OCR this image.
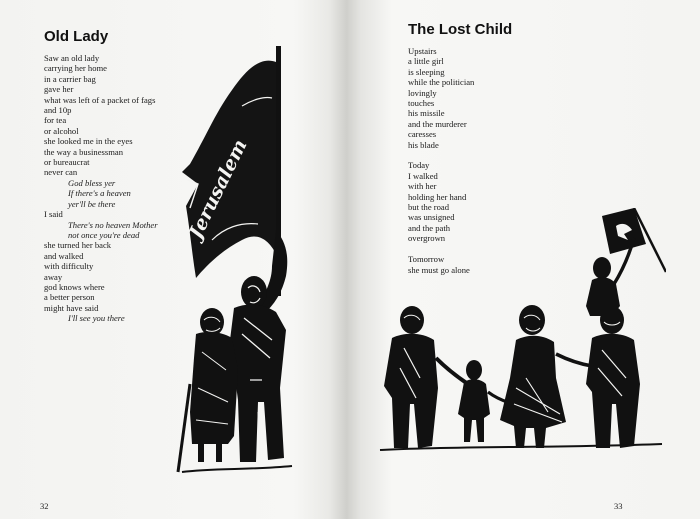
Old Lady
Saw an old lady
carrying her home
in a carrier bag
gave her
what was left of a packet of fags
and 10p
for tea
or alcohol
she looked me in the eyes
the way a businessman
or bureaucrat
never can
God bless yer
If there's a heaven
yer'll be there
I said
There's no heaven Mother
not once you're dead
she turned her back
and walked
with difficulty
away
god knows where
a better person
might have said
I'll see you there
Jerusalem
32
The Lost Child
Upstairs
a little girl
is sleeping
while the politician
lovingly
touches
his missile
and the murderer
caresses
his blade
Today
I walked
with her
holding her hand
but the road
was unsigned
and the path
overgrown
Tomorrow
she must go alone
33
